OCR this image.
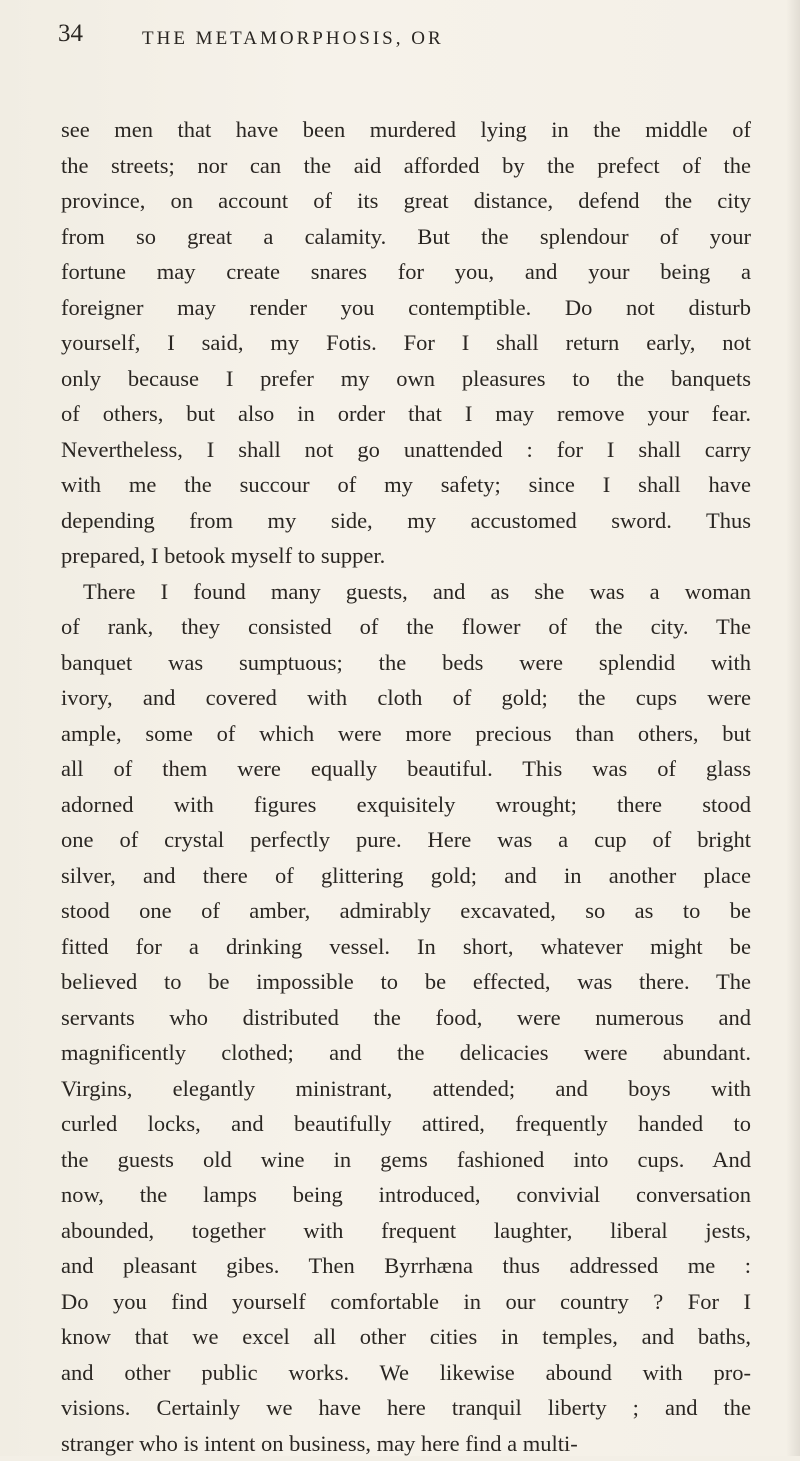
34	THE METAMORPHOSIS, OR
see men that have been murdered lying in the middle of
the streets; nor can the aid afforded by the prefect of the
province, on account of its great distance, defend the city
from so great a calamity. But the splendour of your
fortune may create snares for you, and your being a
foreigner may render you contemptible. Do not disturb
yourself, I said, my Fotis. For I shall return early, not
only because I prefer my own pleasures to the banquets
of others, but also in order that I may remove your fear.
Nevertheless, I shall not go unattended : for I shall carry
with me the succour of my safety; since I shall have
depending from my side, my accustomed sword. Thus
prepared, I betook myself to supper.
There I found many guests, and as she was a woman
of rank, they consisted of the flower of the city. The
banquet was sumptuous; the beds were splendid with
ivory, and covered with cloth of gold; the cups were
ample, some of which were more precious than others, but
all of them were equally beautiful. This was of glass
adorned with figures exquisitely wrought; there stood
one of crystal perfectly pure. Here was a cup of bright
silver, and there of glittering gold; and in another place
stood one of amber, admirably excavated, so as to be
fitted for a drinking vessel. In short, whatever might be
believed to be impossible to be effected, was there. The
servants who distributed the food, were numerous and
magnificently clothed; and the delicacies were abundant.
Virgins, elegantly ministrant, attended; and boys with
curled locks, and beautifully attired, frequently handed to
the guests old wine in gems fashioned into cups. And
now, the lamps being introduced, convivial conversation
abounded, together with frequent laughter, liberal jests,
and pleasant gibes. Then Byrrhæna thus addressed me :
Do you find yourself comfortable in our country ? For I
know that we excel all other cities in temples, and baths,
and other public works. We likewise abound with pro-
visions. Certainly we have here tranquil liberty ; and the
stranger who is intent on business, may here find a multi-
